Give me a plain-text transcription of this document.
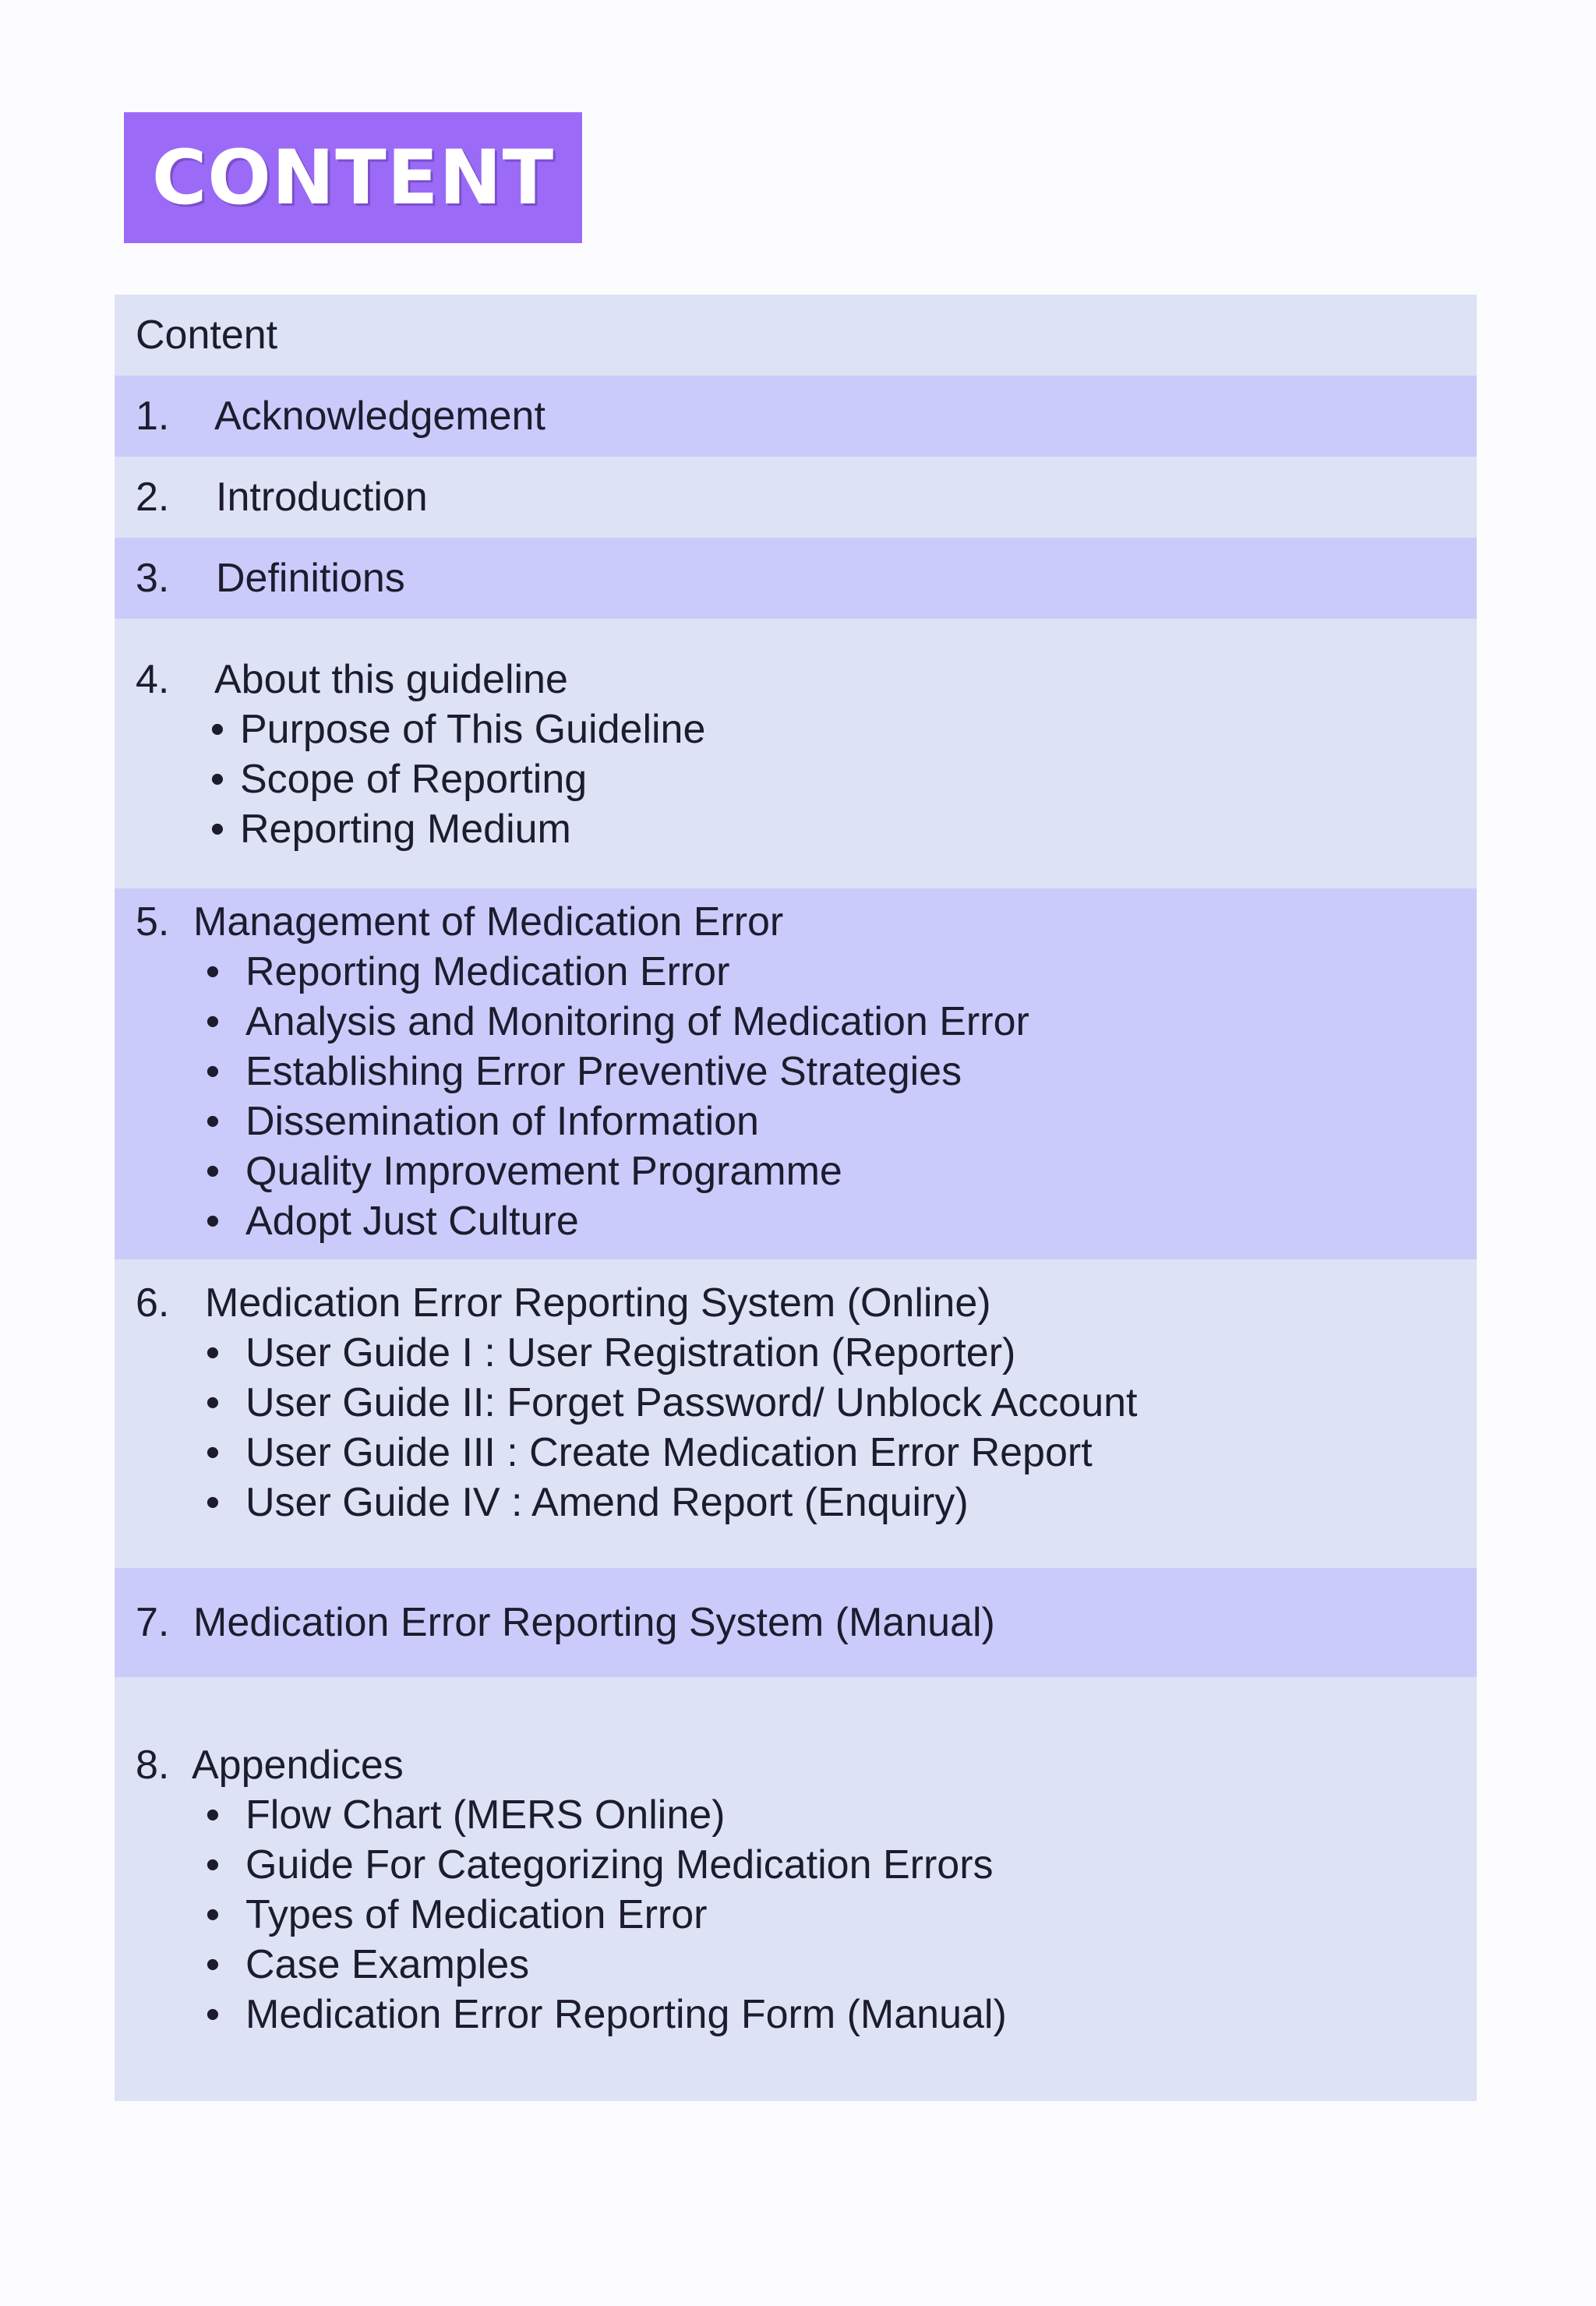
CONTENT
Content
1.	Acknowledgement
2.	Introduction
3.	Definitions
4.	About this guideline
• Purpose of This Guideline
• Scope of Reporting
• Reporting Medium
5. Management of Medication Error
• Reporting Medication Error
• Analysis and Monitoring of Medication Error
• Establishing Error Preventive Strategies
• Dissemination of Information
• Quality Improvement Programme
• Adopt Just Culture
6. Medication Error Reporting System (Online)
• User Guide I : User Registration (Reporter)
• User Guide II: Forget Password/ Unblock Account
• User Guide III : Create Medication Error Report
• User Guide IV : Amend Report (Enquiry)
7. Medication Error Reporting System (Manual)
8. Appendices
• Flow Chart (MERS Online)
• Guide For Categorizing Medication Errors
• Types of Medication Error
• Case Examples
• Medication Error Reporting Form (Manual)
